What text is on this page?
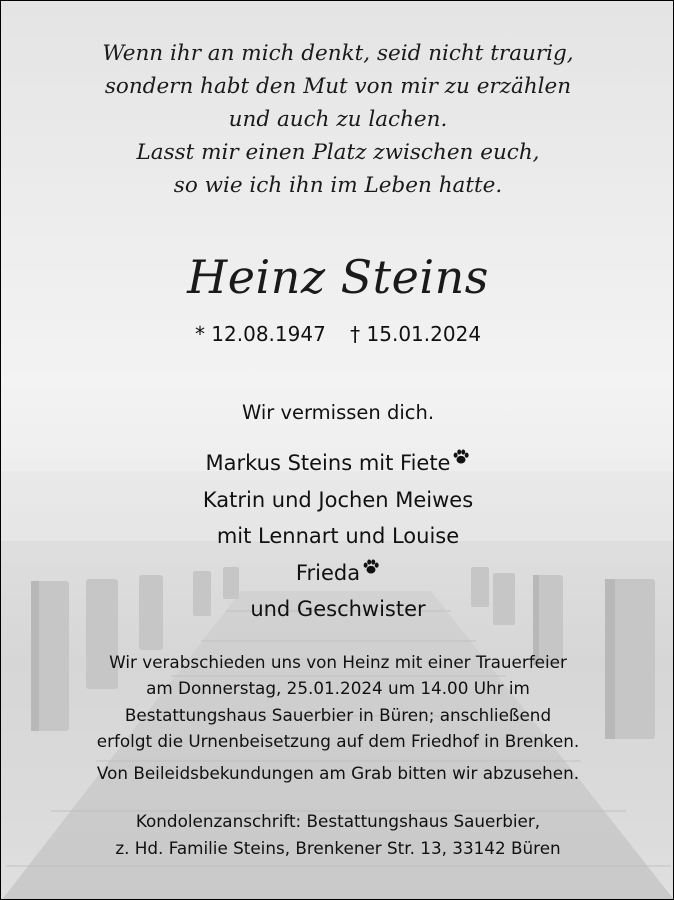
Wenn ihr an mich denkt, seid nicht traurig,
sondern habt den Mut von mir zu erzählen
und auch zu lachen.
Lasst mir einen Platz zwischen euch,
so wie ich ihn im Leben hatte.
Heinz Steins
* 12.08.1947 † 15.01.2024
Wir vermissen dich.
Markus Steins mit Fiete
Katrin und Jochen Meiwes
mit Lennart und Louise
Frieda
und Geschwister
Wir verabschieden uns von Heinz mit einer Trauerfeier
am Donnerstag, 25.01.2024 um 14.00 Uhr im
Bestattungshaus Sauerbier in Büren; anschließend
erfolgt die Urnenbeisetzung auf dem Friedhof in Brenken.
Von Beileidsbekundungen am Grab bitten wir abzusehen.
Kondolenzanschrift: Bestattungshaus Sauerbier,
z. Hd. Familie Steins, Brenkener Str. 13, 33142 Büren
